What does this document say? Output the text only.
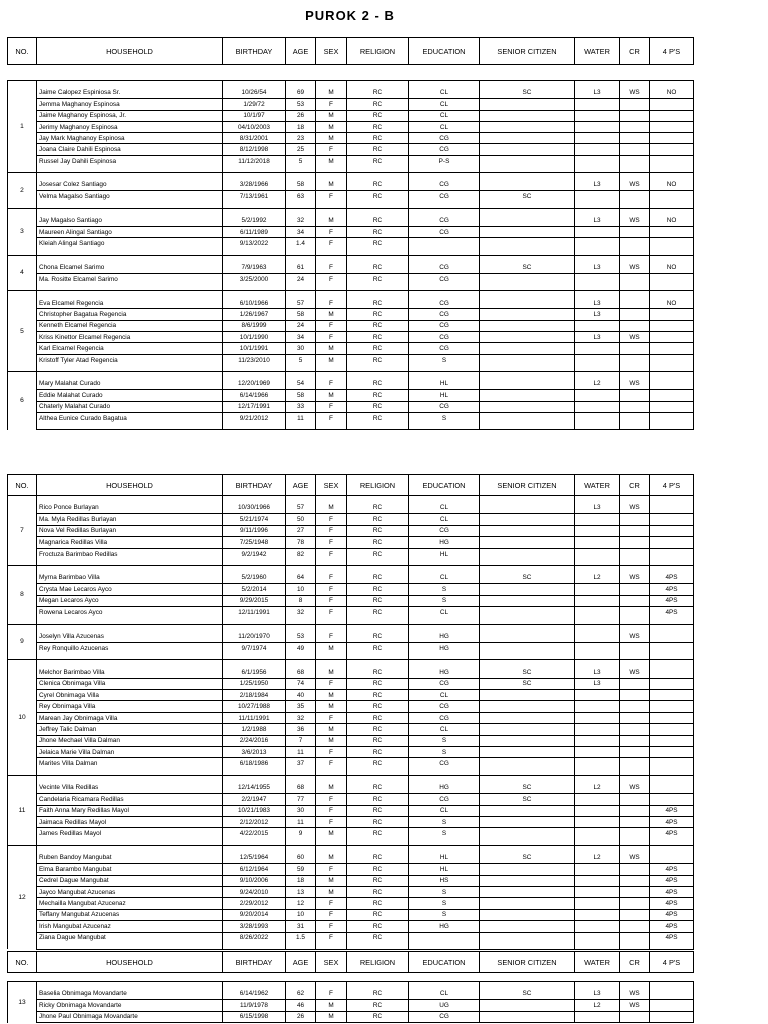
PUROK 2 - B
NO.	HOUSEHOLD	BIRTHDAY	AGE	SEX	RELIGION	EDUCATION	SENIOR CITIZEN	WATER	CR	4 P'S

1										
	Jaime Calopez Espiniosa Sr.	10/26/54	69	M	RC	CL	SC	L3	WS	NO
	Jemma Maghanoy Espinosa	1/29/72	53	F	RC	CL				
	Jaime Maghanoy Espinosa, Jr.	10/1/97	26	M	RC	CL				
	Jerimy Maghanoy Espinosa	04/10/2003	18	M	RC	CL				
	Jay Mark Maghanoy Espinosa	8/31/2001	23	M	RC	CG				
	Joana Claire Dahili Espinosa	8/12/1998	25	F	RC	CG				
	Russel Jay Dahili Espinosa	11/12/2018	5	M	RC	P-S				

2										
	Josesar Colez Santiago	3/28/1966	58	M	RC	CG		L3	WS	NO
	Velma Magalso Santiago	7/13/1961	63	F	RC	CG	SC			

3										
	Jay Magalso Santiago	5/2/1992	32	M	RC	CG		L3	WS	NO
	Maureen Alingal Santiago	6/11/1989	34	F	RC	CG				
	Kleiah Alingal Santiago	9/13/2022	1.4	F	RC					

4										
	Chona Elcamel Sarimo	7/9/1963	61	F	RC	CG	SC	L3	WS	NO
	Ma. Rositte Elcamel Sarimo	3/25/2000	24	F	RC	CG				

5										
	Eva Elcamel Regencia	6/10/1966	57	F	RC	CG		L3		NO
	Christopher Bagatua Regencia	1/26/1967	58	M	RC	CG		L3		
	Kenneth Elcamel Regencia	8/6/1999	24	F	RC	CG				
	Kriss Kinettor Elcamel Regencia	10/1/1990	34	F	RC	CG		L3	WS	
	Karl Elcamel Regencia	10/1/1991	30	M	RC	CG				
	Kristoff Tyler Atad Regencia	11/23/2010	5	M	RC	S				

6										
	Mary Malahat Curado	12/20/1969	54	F	RC	HL		L2	WS	
	Eddie Malahat Curado	6/14/1966	58	M	RC	HL				
	Chaterly Malahat Curado	12/17/1991	33	F	RC	CG				
	Althea Eunice Curado Bagatua	9/21/2012	11	F	RC	S				

NO.	HOUSEHOLD	BIRTHDAY	AGE	SEX	RELIGION	EDUCATION	SENIOR CITIZEN	WATER	CR	4 P'S
7										
	Rico Ponce Burlayan	10/30/1966	57	M	RC	CL		L3	WS	
	Ma. Myla Redillas Burlayan	5/21/1974	50	F	RC	CL				
	Nova Vel Redillas Burlayan	9/11/1996	27	F	RC	CG				
	Magnarica Redillas Villa	7/25/1948	78	F	RC	HG				
	Froctuza Barimbao Redillas	9/2/1942	82	F	RC	HL				

8										
	Myrna Barimbao Villa	5/2/1960	64	F	RC	CL	SC	L2	WS	4PS
	Crysta Mae Lecaros Ayco	5/2/2014	10	F	RC	S				4PS
	Megan Lecaros Ayco	9/29/2015	8	F	RC	S				4PS
	Rowena Lecaros Ayco	12/11/1991	32	F	RC	CL				4PS

9										
	Joselyn Villa Azucenas	11/20/1970	53	F	RC	HG			WS	
	Rey Ronquillo Azucenas	9/7/1974	49	M	RC	HG				

10										
	Melchor Barimbao Villa	6/1/1956	68	M	RC	HG	SC	L3	WS	
	Clenica Obnimaga Villa	1/25/1950	74	F	RC	CG	SC	L3		
	Cyrel Obnimaga Villa	2/18/1984	40	M	RC	CL				
	Rey Obnimaga Villa	10/27/1988	35	M	RC	CG				
	Marean Jay Obnimaga Villa	11/11/1991	32	F	RC	CG				
	Jeffrey Talic Dalman	1/2/1988	36	M	RC	CL				
	Jhone Mechael Villa Dalman	2/24/2016	7	M	RC	S				
	Jelaica Marie Villa Dalman	3/6/2013	11	F	RC	S				
	Marites Villa Dalman	6/18/1986	37	F	RC	CG				

11										
	Vecinte Villa Redillas	12/14/1955	68	M	RC	HG	SC	L2	WS	
	Candelaria Ricamara Redillas	2/2/1947	77	F	RC	CG	SC			
	Faith Anna Mary Redillas Mayol	10/21/1983	30	F	RC	CL				4PS
	Jaimaca Redillas Mayol	2/12/2012	11	F	RC	S				4PS
	James Redillas Mayol	4/22/2015	9	M	RC	S				4PS

12										
	Ruben Bandoy Mangubat	12/5/1964	60	M	RC	HL	SC	L2	WS	
	Elma Barambo Mangubat	6/12/1964	59	F	RC	HL				4PS
	Cedrel Dague Mangubat	9/10/2006	18	M	RC	HS				4PS
	Jayco Mangubat Azucenas	9/24/2010	13	M	RC	S				4PS
	Mechailla Mangubat Azucenaz	2/29/2012	12	F	RC	S				4PS
	Teffany Mangubat Azucenas	9/20/2014	10	F	RC	S				4PS
	Irish Mangubat Azucenaz	3/28/1993	31	F	RC	HG				4PS
	Ziana Dague Mangubat	8/26/2022	1.5	F	RC					4PS

NO.	HOUSEHOLD	BIRTHDAY	AGE	SEX	RELIGION	EDUCATION	SENIOR CITIZEN	WATER	CR	4 P'S

13										
	Baselia Obnimaga Movandarte	6/14/1962	62	F	RC	CL	SC	L3	WS	
	Ricky Obnimaga Movandarte	11/9/1978	46	M	RC	UG		L2	WS	
	Jhone Paul Obnimaga Movandarte	6/15/1998	26	M	RC	CG				
